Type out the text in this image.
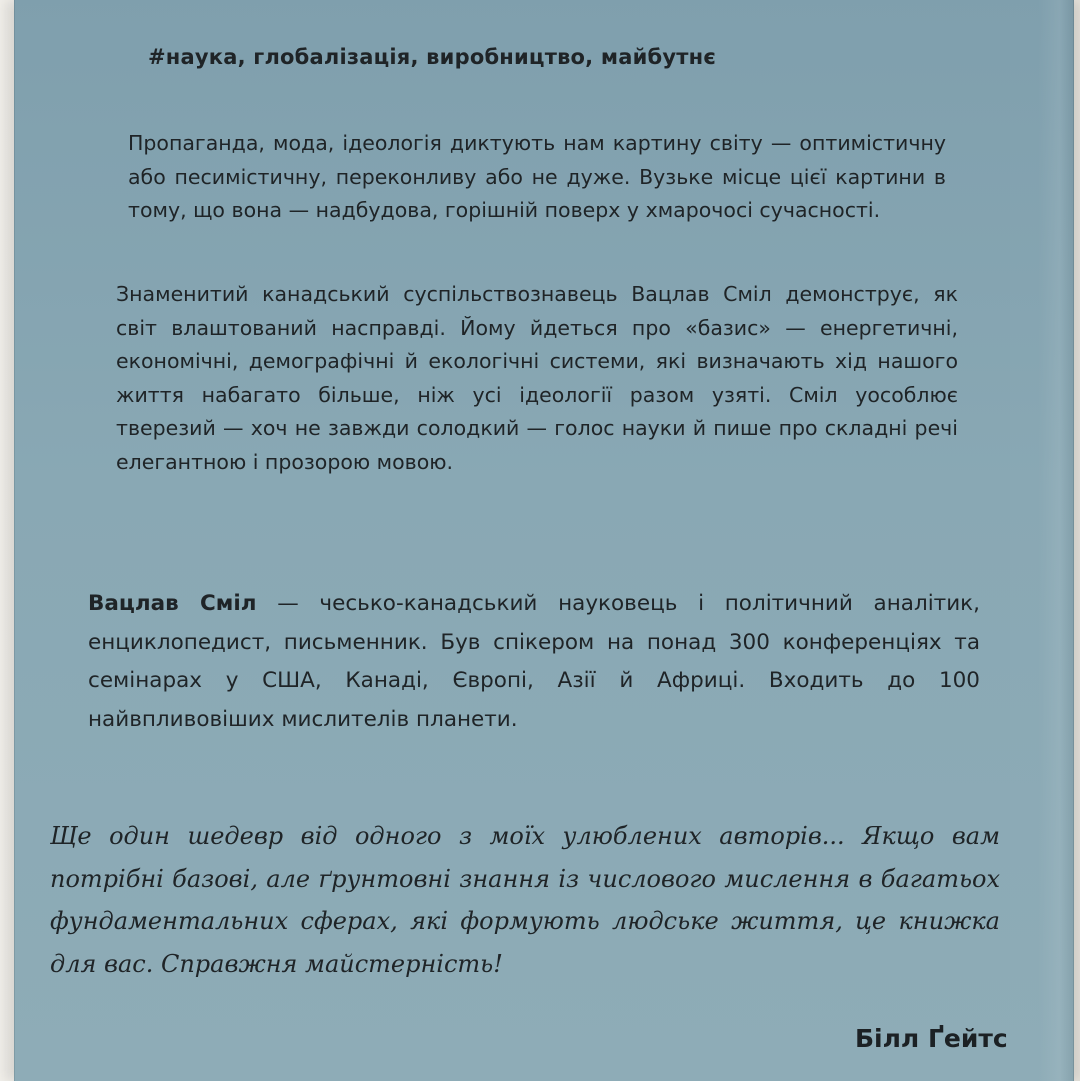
#наука, глобалізація, виробництво, майбутнє
Пропаганда, мода, ідеологія диктують нам картину світу — оптимістичну або песимістичну, переконливу або не дуже. Вузьке місце цієї картини в тому, що вона — надбудова, горішній поверх у хмарочосі сучасності.
Знаменитий канадський суспільствознавець Вацлав Сміл демонструє, як світ влаштований насправді. Йому йдеться про «базис» — енергетичні, економічні, демографічні й екологічні системи, які визначають хід нашого життя набагато більше, ніж усі ідеології разом узяті. Сміл уособлює тверезий — хоч не завжди солодкий — голос науки й пише про складні речі елегантною і прозорою мовою.
Вацлав Сміл — чесько-канадський науковець і політичний аналітик, енциклопедист, письменник. Був спікером на понад 300 конференціях та семінарах у США, Канаді, Європі, Азії й Африці. Входить до 100 найвпливовіших мислителів планети.
Ще один шедевр від одного з моїх улюблених авторів... Якщо вам потрібні базові, але ґрунтовні знання із числового мислення в багатьох фундаментальних сферах, які формують людське життя, це книжка для вас. Справжня майстерність!
Білл Ґейтс
